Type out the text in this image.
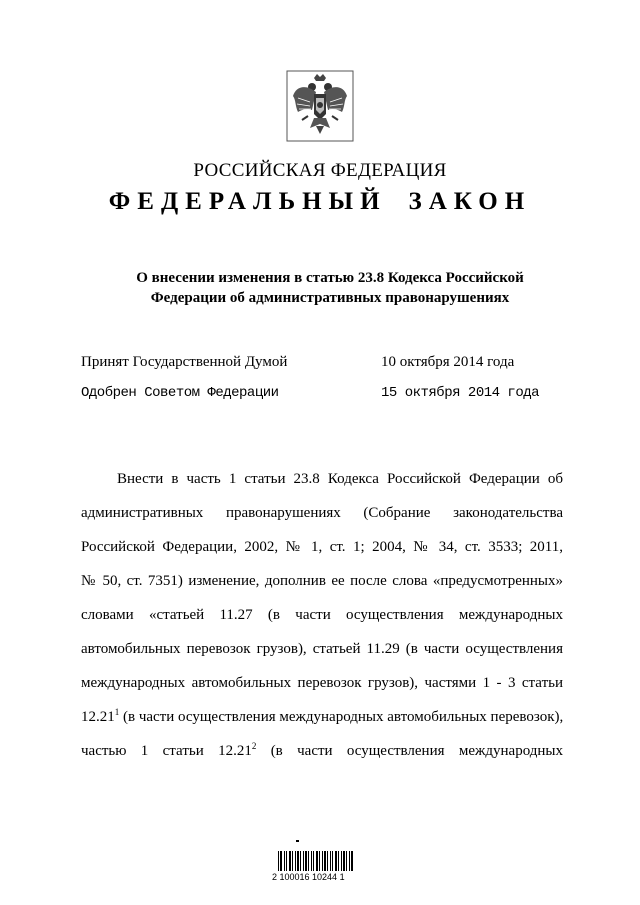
РОССИЙСКАЯ ФЕДЕРАЦИЯ
ФЕДЕРАЛЬНЫЙ ЗАКОН
О внесении изменения в статью 23.8 Кодекса Российской
Федерации об административных правонарушениях
Принят Государственной Думой	10 октября 2014 года
Одобрен Советом Федерации	15 октября 2014 года
Внести в часть 1 статьи 23.8 Кодекса Российской Федерации об
административных правонарушениях (Собрание законодательства
Российской Федерации, 2002, № 1, ст. 1; 2004, № 34, ст. 3533; 2011,
№ 50, ст. 7351) изменение, дополнив ее после слова «предусмотренных»
словами «статьей 11.27 (в части осуществления международных
автомобильных перевозок грузов), статьей 11.29 (в части осуществления
международных автомобильных перевозок грузов), частями 1 - 3 статьи
12.21$^1$ (в части осуществления международных автомобильных перевозок),
частью 1 статьи 12.21$^2$ (в части осуществления международных
2 100016 10244 1
